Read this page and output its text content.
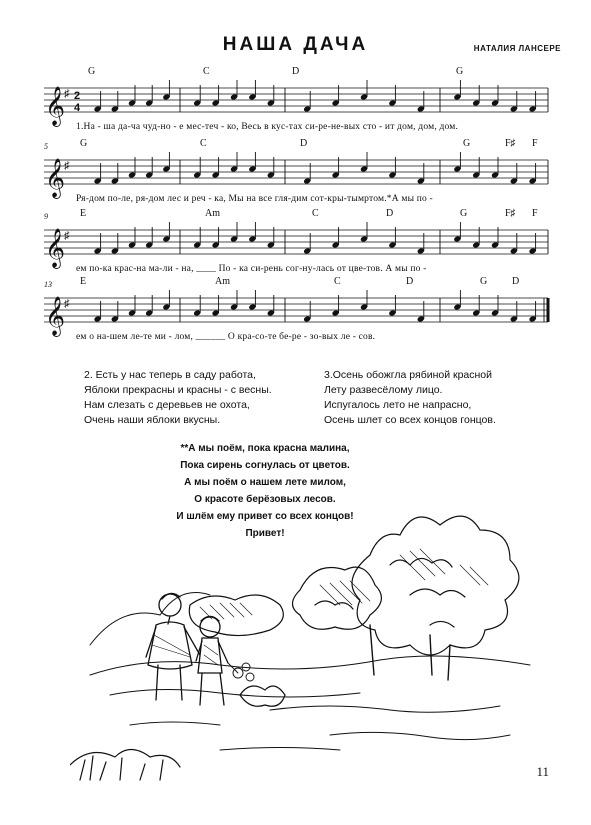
НАША ДАЧА	НАТАЛИЯ ЛАНСЕРЕ
G	C	D	G
𝄞
♯ 2
4
1.На - ша да-ча чуд-но - е мес-теч - ко, Весь в кус-тах си-ре-не-вых сто - ит дом, дом, дом.
5	G	C	D	G	F♯ F
𝄞
♯
Ря-дом по-ле, ря-дом лес и реч - ка, Мы на все гля-дим сот-кры-тымртом.*А мы по -
9	E	Am	C	D	G	F♯ F
𝄞
♯
ем по-ка крас-на ма-ли - на, ____ По - ка си-рень сог-ну-лась от цве-тов. А мы по -
13	E	Am	C	D	G D
𝄞
♯
ем о на-шем ле-те ми - лом, ______ О кра-со-те бе-ре - зо-вых ле - сов.
2. Есть у нас теперь в саду работа,
Яблоки прекрасны и красны - с весны.
Нам слезать с деревьев не охота,
Очень наши яблоки вкусны.
3.Осень обожгла рябиной красной
Лету развесёлому лицо.
Испугалось лето не напрасно,
Осень шлет со всех концов гонцов.
**А мы поём, пока красна малина,
Пока сирень согнулась от цветов.
А мы поём о нашем лете милом,
О красоте берёзовых лесов.
И шлём ему привет со всех концов!
Привет!
11
